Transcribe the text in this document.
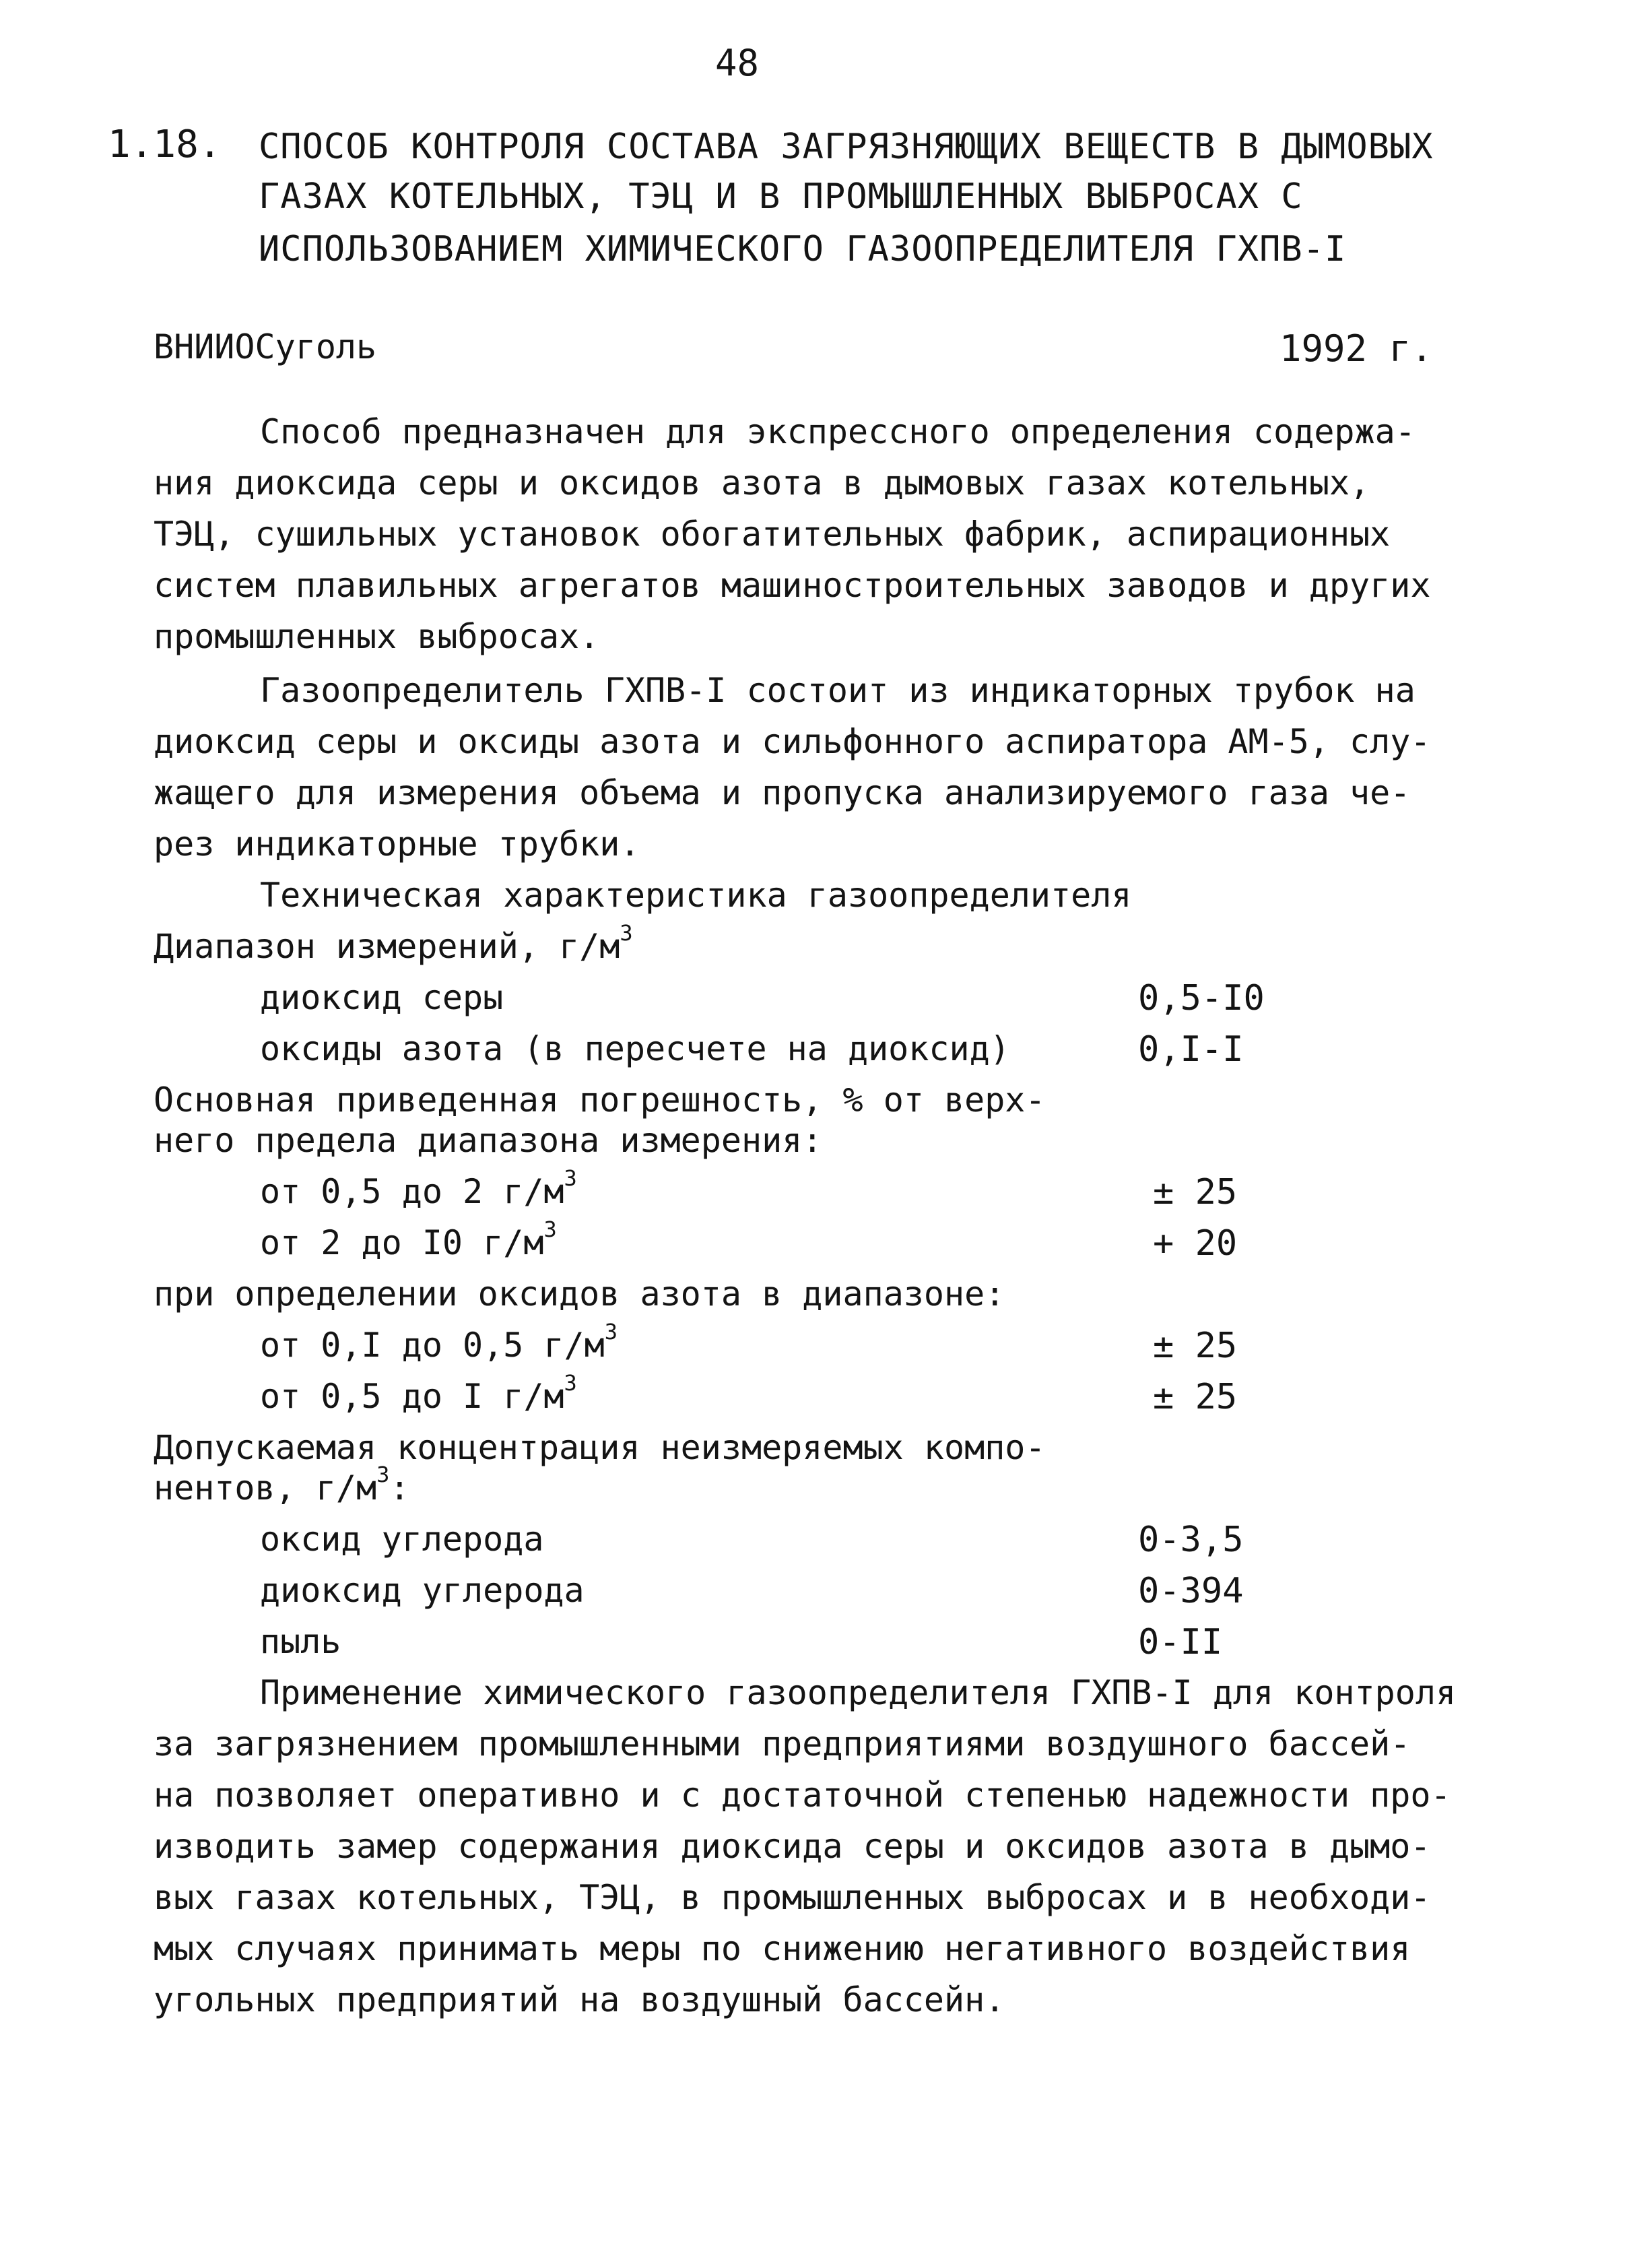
48
1.18. СПОСОБ КОНТРОЛЯ СОСТАВА ЗАГРЯЗНЯЮЩИХ ВЕЩЕСТВ В ДЫМОВЫХ
ГАЗАХ КОТЕЛЬНЫХ, ТЭЦ И В ПРОМЫШЛЕННЫХ ВЫБРОСАХ С
ИСПОЛЬЗОВАНИЕМ ХИМИЧЕСКОГО ГАЗООПРЕДЕЛИТЕЛЯ ГХПВ-I
ВНИИОСуголь	1992 г.
Способ предназначен для экспрессного определения содержа-
ния диоксида серы и оксидов азота в дымовых газах котельных,
ТЭЦ, сушильных установок обогатительных фабрик, аспирационных
систем плавильных агрегатов машиностроительных заводов и других
промышленных выбросах.
Газоопределитель ГХПВ-I состоит из индикаторных трубок на
диоксид серы и оксиды азота и сильфонного аспиратора АМ-5, слу-
жащего для измерения объема и пропуска анализируемого газа че-
рез индикаторные трубки.
Техническая характеристика газоопределителя
Диапазон измерений, $г/м^3$
диоксид серы	0,5-I0
оксиды азота (в пересчете на диоксид)	0,I-I
Основная приведенная погрешность, % от верх-
него предела диапазона измерения:
от 0,5 до 2 $г/м^3$	± 25
от 2 до I0 $г/м^3$	+ 20
при определении оксидов азота в диапазоне:
от 0,I до 0,5 $г/м^3$	± 25
от 0,5 до I $г/м^3$	± 25
Допускаемая концентрация неизмеряемых компо-
нентов, $г/м^3$:
оксид углерода	0-3,5
диоксид углерода	0-394
пыль	0-II
Применение химического газоопределителя ГХПВ-I для контроля
за загрязнением промышленными предприятиями воздушного бассей-
на позволяет оперативно и с достаточной степенью надежности про-
изводить замер содержания диоксида серы и оксидов азота в дымо-
вых газах котельных, ТЭЦ, в промышленных выбросах и в необходи-
мых случаях принимать меры по снижению негативного воздействия
угольных предприятий на воздушный бассейн.
